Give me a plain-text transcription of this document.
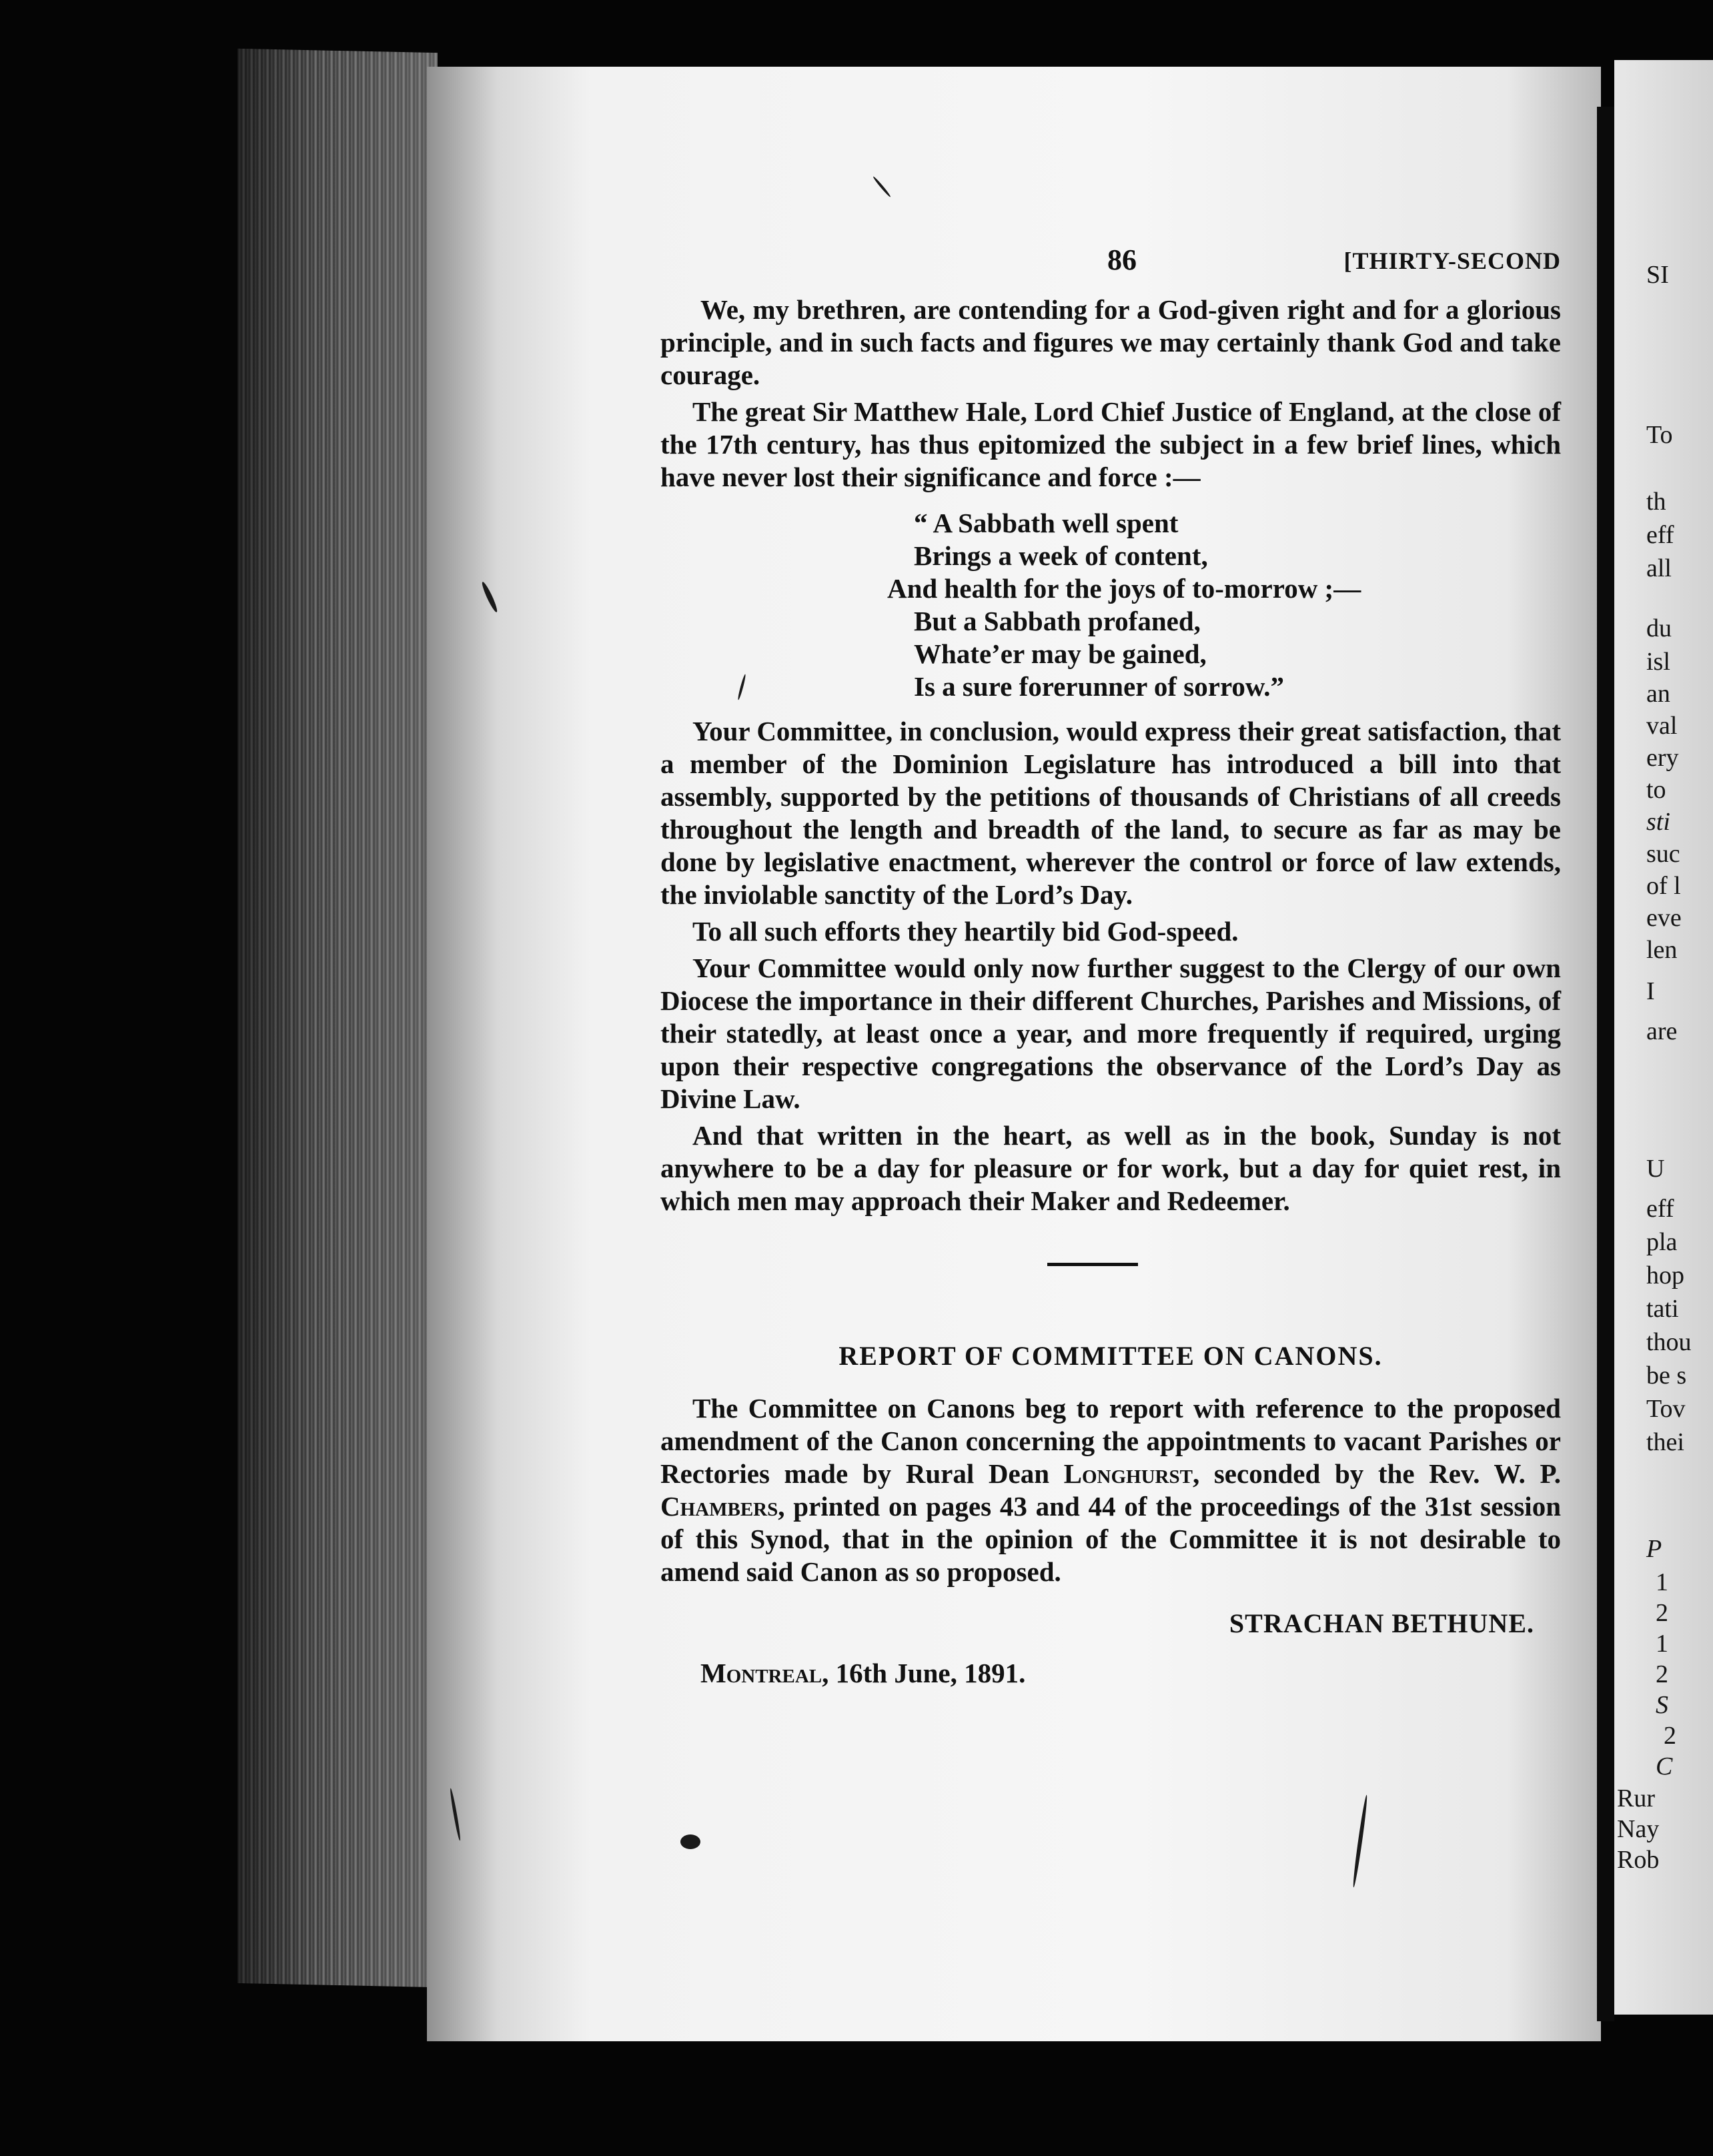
SI
To
th
eff
all
du
isl
an
val
ery
to
sti
suc
of l
eve
len
I
are
U
eff
pla
hop
tati
thou
be s
Tov
thei
P
1
2
1
2
S
2
C
Rur
Nay
Rob
86	[THIRTY-SECOND

We, my brethren, are contending for a God-given right and for a glorious principle, and in such facts and figures we may certainly thank God and take courage.

The great Sir Matthew Hale, Lord Chief Justice of England, at the close of the 17th century, has thus epitomized the subject in a few brief lines, which have never lost their significance and force :—

“ A Sabbath well spent
Brings a week of content,
And health for the joys of to-morrow ;—
But a Sabbath profaned,
Whate’er may be gained,
Is a sure forerunner of sorrow.”

Your Committee, in conclusion, would express their great satisfaction, that a member of the Dominion Legislature has introduced a bill into that assembly, supported by the petitions of thousands of Christians of all creeds throughout the length and breadth of the land, to secure as far as may be done by legislative enactment, wherever the control or force of law extends, the inviolable sanctity of the Lord’s Day.

To all such efforts they heartily bid God-speed.

Your Committee would only now further suggest to the Clergy of our own Diocese the importance in their different Churches, Parishes and Missions, of their statedly, at least once a year, and more frequently if required, urging upon their respective congregations the observance of the Lord’s Day as Divine Law.

And that written in the heart, as well as in the book, Sunday is not anywhere to be a day for pleasure or for work, but a day for quiet rest, in which men may approach their Maker and Redeemer.

REPORT OF COMMITTEE ON CANONS.

The Committee on Canons beg to report with reference to the proposed amendment of the Canon concerning the appointments to vacant Parishes or Rectories made by Rural Dean Longhurst, seconded by the Rev. W. P. Chambers, printed on pages 43 and 44 of the proceedings of the 31st session of this Synod, that in the opinion of the Committee it is not desirable to amend said Canon as so proposed.

STRACHAN BETHUNE.
Montreal, 16th June, 1891.
